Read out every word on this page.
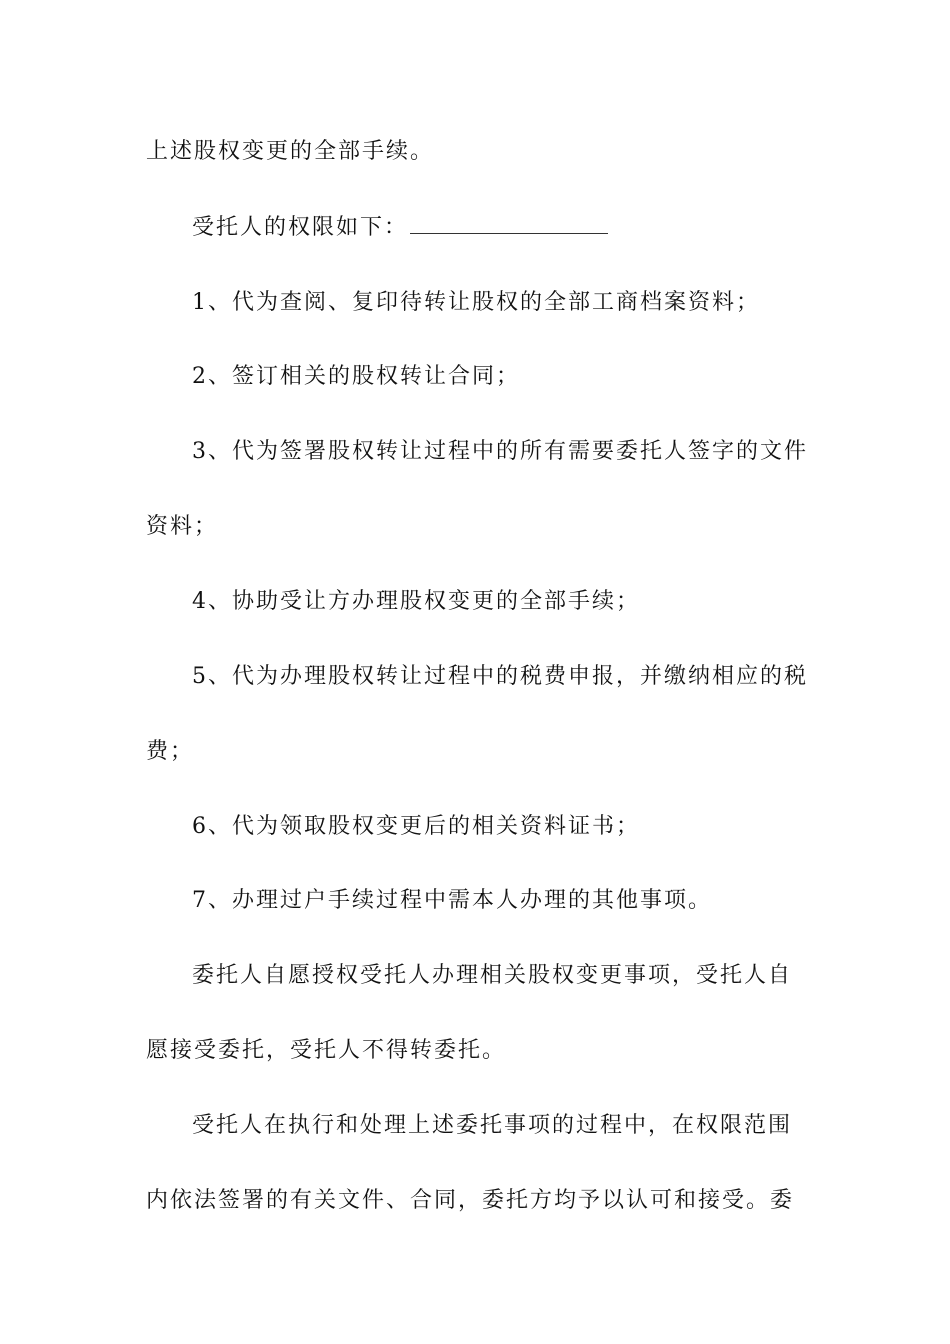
上述股权变更的全部手续。
受托人的权限如下：
1、代为查阅、复印待转让股权的全部工商档案资料；
2、签订相关的股权转让合同；
3、代为签署股权转让过程中的所有需要委托人签字的文件
资料；
4、协助受让方办理股权变更的全部手续；
5、代为办理股权转让过程中的税费申报，并缴纳相应的税
费；
6、代为领取股权变更后的相关资料证书；
7、办理过户手续过程中需本人办理的其他事项。
委托人自愿授权受托人办理相关股权变更事项，受托人自
愿接受委托，受托人不得转委托。
受托人在执行和处理上述委托事项的过程中，在权限范围
内依法签署的有关文件、合同，委托方均予以认可和接受。委
